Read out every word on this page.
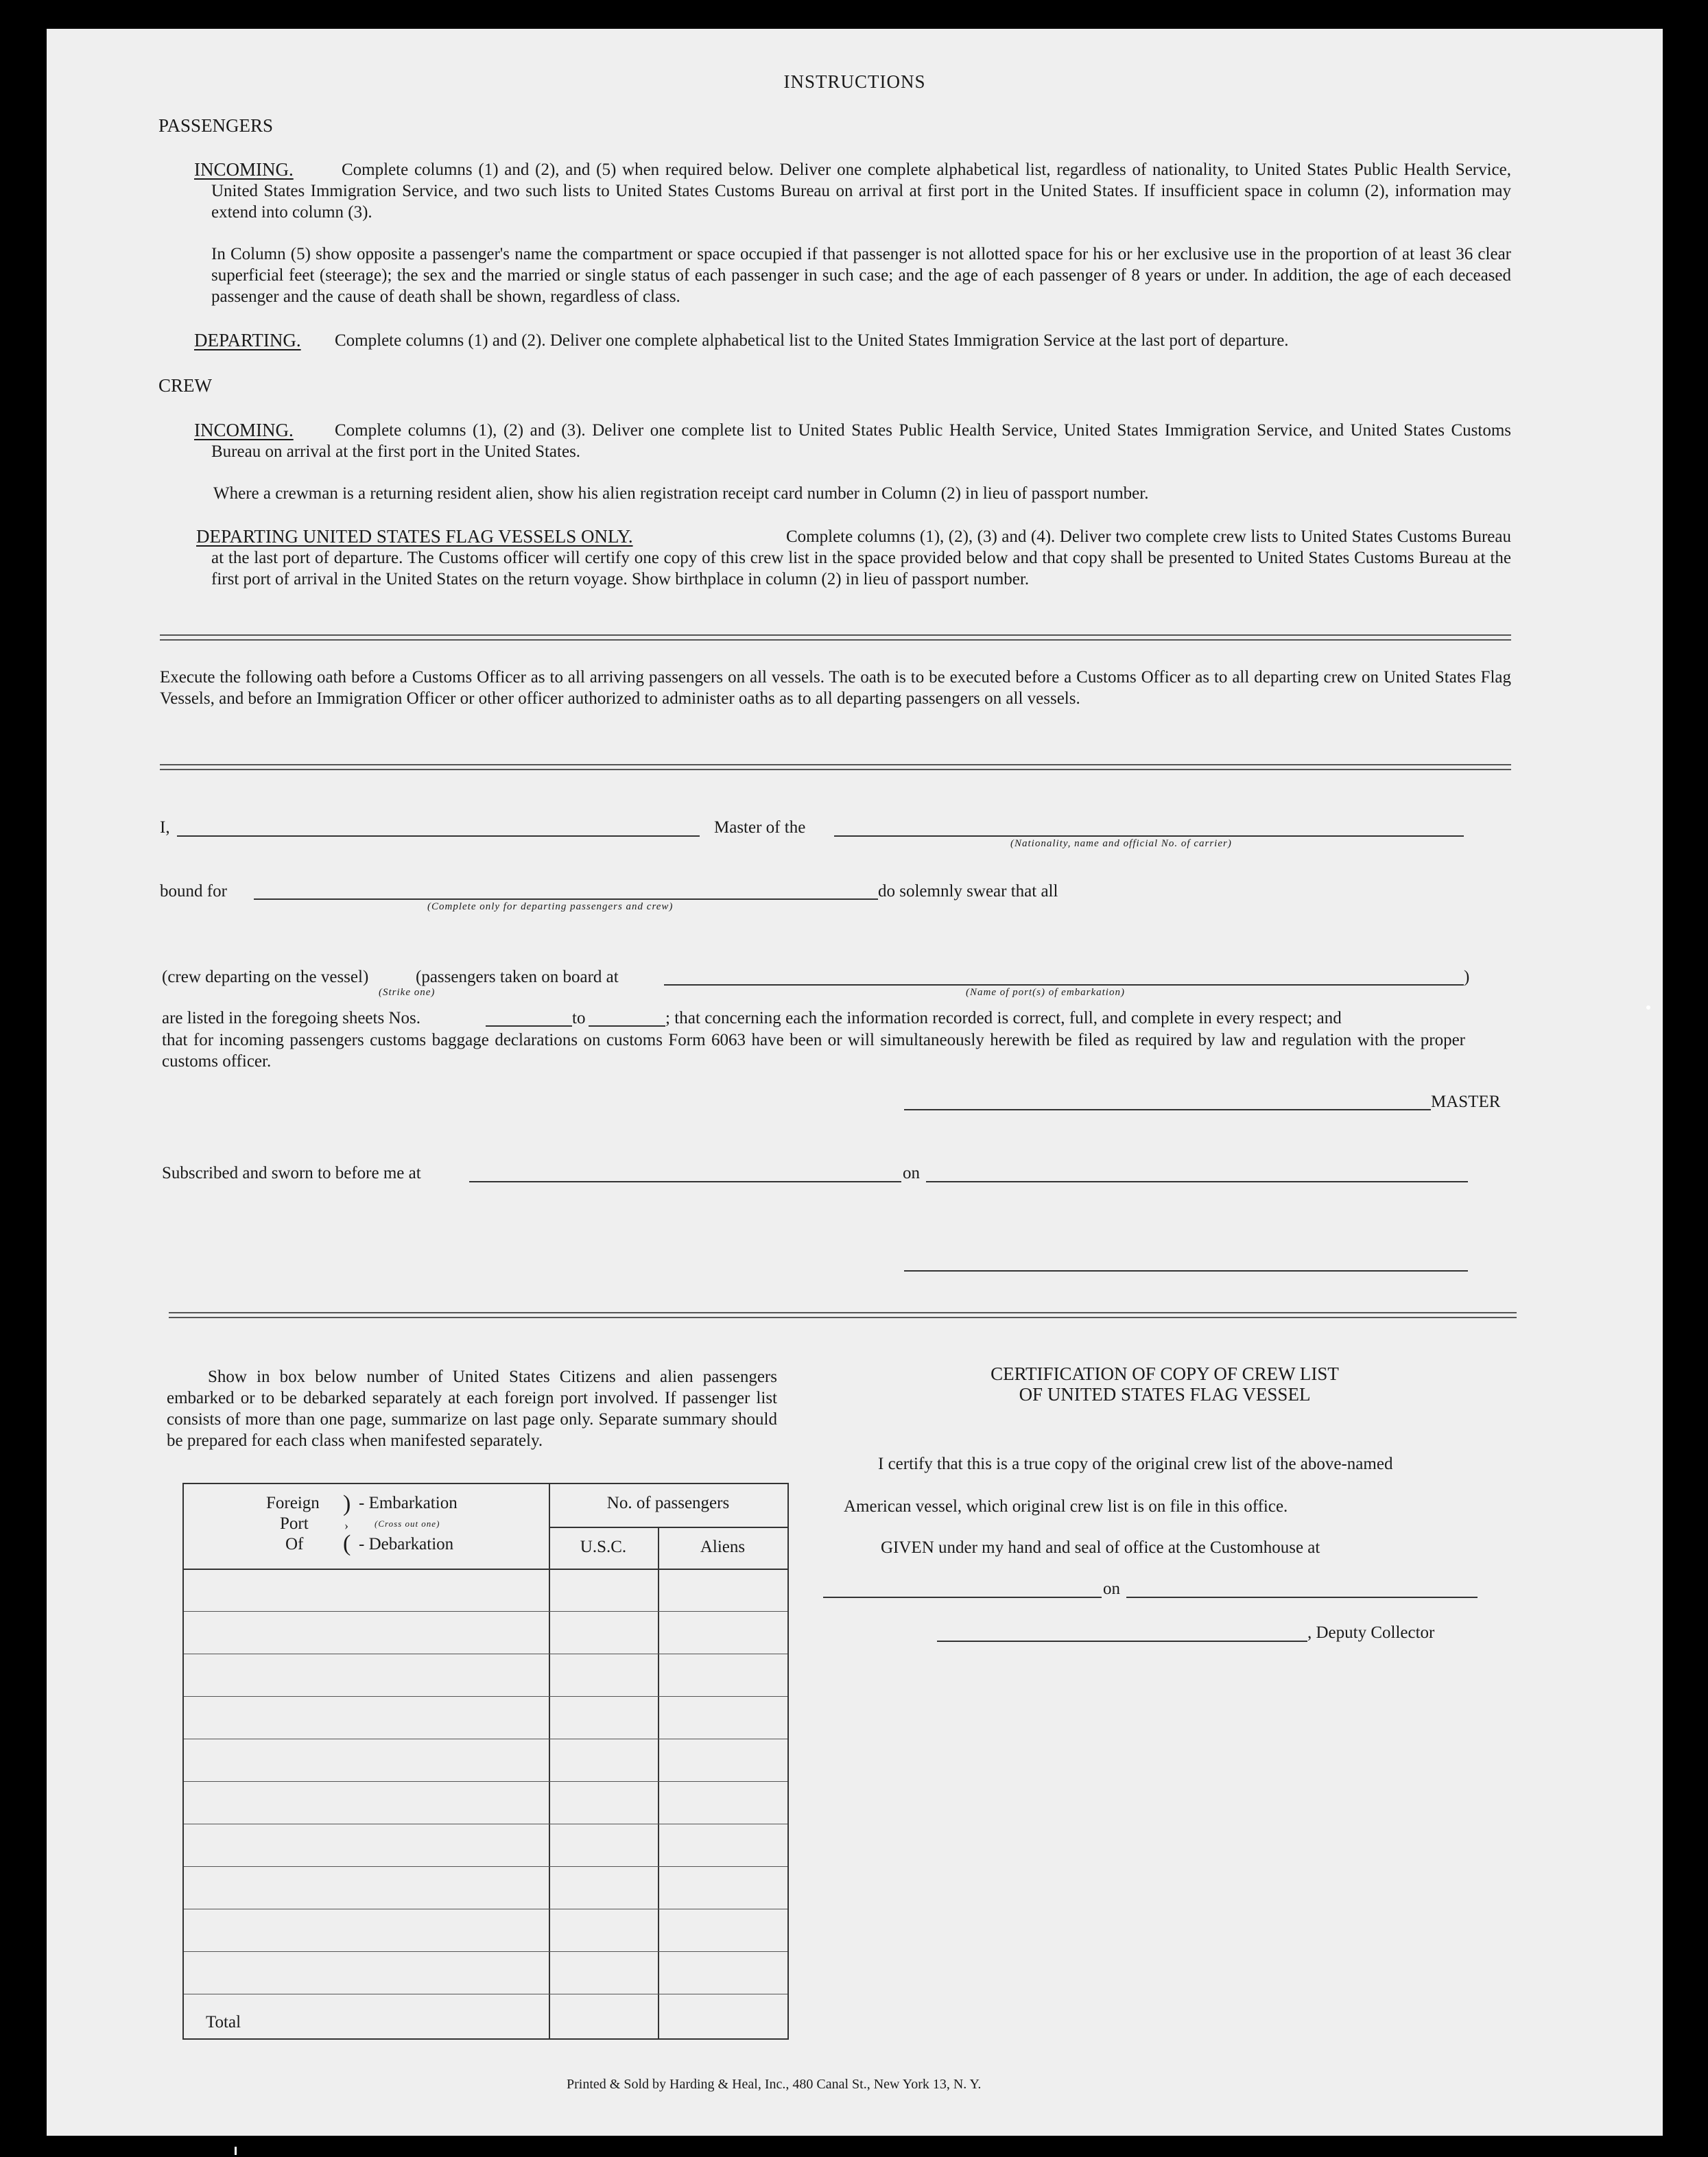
INSTRUCTIONS
PASSENGERS
INCOMING.	Complete columns (1) and (2), and (5) when required below. Deliver one complete alphabetical list, regardless of nationality, to United States Public Health Service, United States Immigration Service, and two such lists to United States Customs Bureau on arrival at first port in the United States. If insufficient space in column (2), information may extend into column (3).
In Column (5) show opposite a passenger's name the compartment or space occupied if that passenger is not allotted space for his or her exclusive use in the proportion of at least 36 clear superficial feet (steerage); the sex and the married or single status of each passenger in such case; and the age of each passenger of 8 years or under. In addition, the age of each deceased passenger and the cause of death shall be shown, regardless of class.
DEPARTING. Complete columns (1) and (2). Deliver one complete alphabetical list to the United States Immigration Service at the last port of departure.
CREW
INCOMING.	Complete columns (1), (2) and (3). Deliver one complete list to United States Public Health Service, United States Immigration Service, and United States Customs Bureau on arrival at the first port in the United States.
Where a crewman is a returning resident alien, show his alien registration receipt card number in Column (2) in lieu of passport number.
DEPARTING UNITED STATES FLAG VESSELS ONLY.	Complete columns (1), (2), (3) and (4). Deliver two complete crew lists to United States Customs Bureau at the last port of departure. The Customs officer will certify one copy of this crew list in the space provided below and that copy shall be presented to United States Customs Bureau at the first port of arrival in the United States on the return voyage. Show birthplace in column (2) in lieu of passport number.
Execute the following oath before a Customs Officer as to all arriving passengers on all vessels. The oath is to be executed before a Customs Officer as to all departing crew on United States Flag Vessels, and before an Immigration Officer or other officer authorized to administer oaths as to all departing passengers on all vessels.
I,	Master of the
(Nationality, name and official No. of carrier)
bound for
(Complete only for departing passengers and crew)
do solemnly swear that all
(crew departing on the vessel)	(passengers taken on board at	)
(Strike one)	(Name of port(s) of embarkation)
are listed in the foregoing sheets Nos.	to	; that concerning each the information recorded is correct, full, and complete in every respect; and
that for incoming passengers customs baggage declarations on customs Form 6063 have been or will simultaneously herewith be filed as required by law and regulation with the proper customs officer.
MASTER
Subscribed and sworn to before me at	on
Show in box below number of United States Citizens and alien passengers embarked or to be debarked separately at each foreign port involved. If passenger list consists of more than one page, summarize on last page only. Separate summary should be prepared for each class when manifested separately.
Foreign
Port
Of
)
›
(
- Embarkation
(Cross out one)
- Debarkation
No. of passengers
U.S.C.	Aliens
Total
CERTIFICATION OF COPY OF CREW LIST
OF UNITED STATES FLAG VESSEL
I certify that this is a true copy of the original crew list of the above-named
American vessel, which original crew list is on file in this office.
GIVEN under my hand and seal of office at the Customhouse at
on
, Deputy Collector
Printed & Sold by Harding & Heal, Inc., 480 Canal St., New York 13, N. Y.
